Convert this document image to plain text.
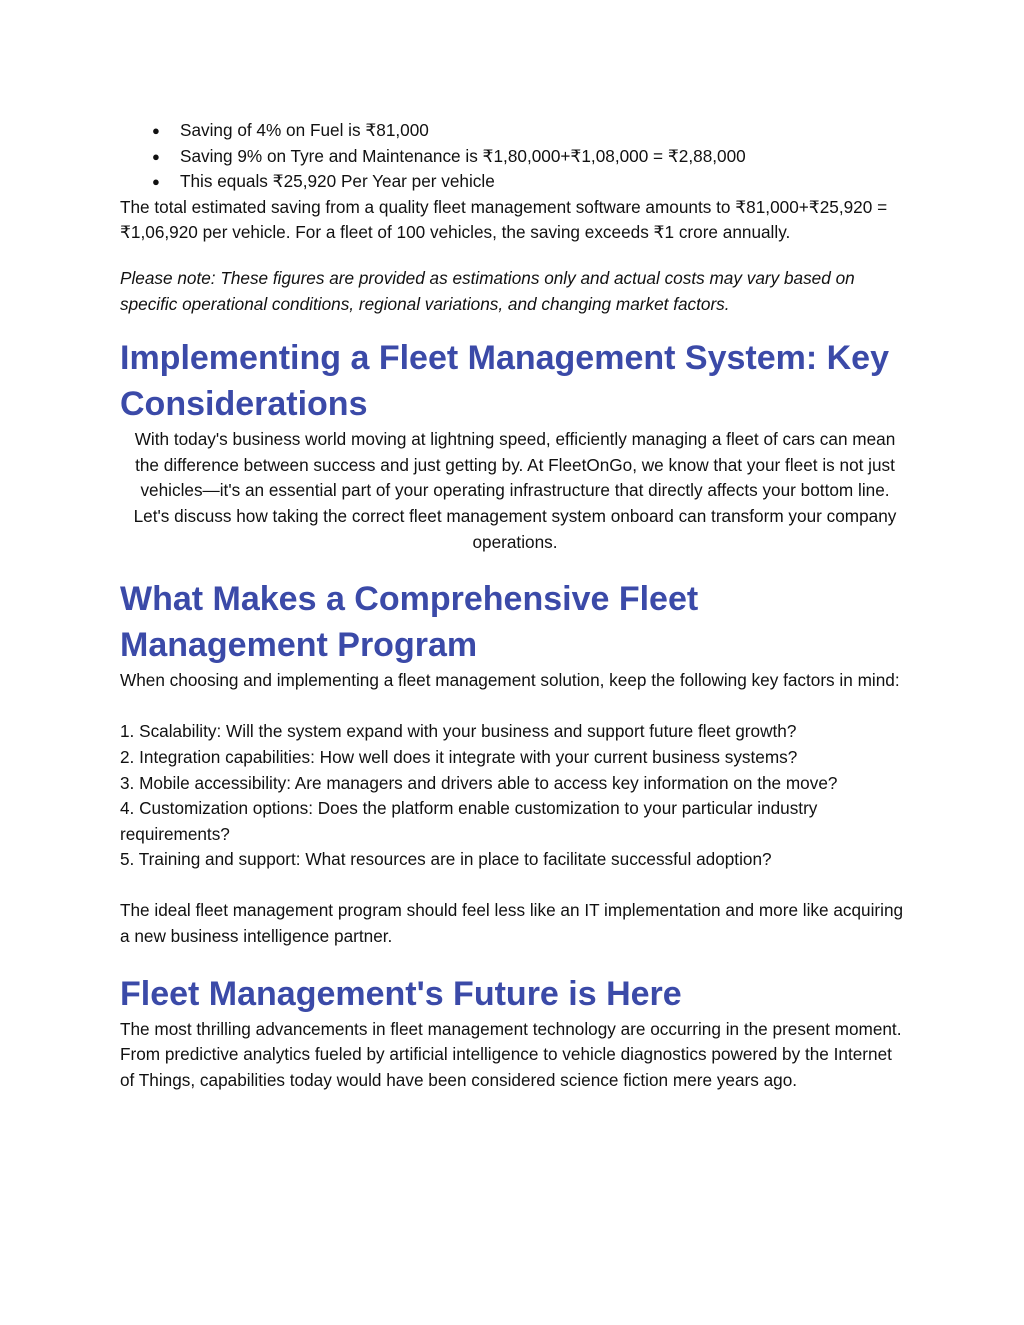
● Saving of 4% on Fuel is ₹81,000
● Saving 9% on Tyre and Maintenance is ₹1,80,000+₹1,08,000 = ₹2,88,000
● This equals ₹25,920 Per Year per vehicle

The total estimated saving from a quality fleet management software amounts to ₹81,000+₹25,920 = ₹1,06,920 per vehicle. For a fleet of 100 vehicles, the saving exceeds ₹1 crore annually.

Please note: These figures are provided as estimations only and actual costs may vary based on specific operational conditions, regional variations, and changing market factors.

Implementing a Fleet Management System: Key Considerations

With today's business world moving at lightning speed, efficiently managing a fleet of cars can mean the difference between success and just getting by. At FleetOnGo, we know that your fleet is not just vehicles—it's an essential part of your operating infrastructure that directly affects your bottom line. Let's discuss how taking the correct fleet management system onboard can transform your company operations.

What Makes a Comprehensive Fleet Management Program

When choosing and implementing a fleet management solution, keep the following key factors in mind:

1. Scalability: Will the system expand with your business and support future fleet growth?

2. Integration capabilities: How well does it integrate with your current business systems?

3. Mobile accessibility: Are managers and drivers able to access key information on the move?

4. Customization options: Does the platform enable customization to your particular industry requirements?

5. Training and support: What resources are in place to facilitate successful adoption?

The ideal fleet management program should feel less like an IT implementation and more like acquiring a new business intelligence partner.

Fleet Management's Future is Here

The most thrilling advancements in fleet management technology are occurring in the present moment. From predictive analytics fueled by artificial intelligence to vehicle diagnostics powered by the Internet of Things, capabilities today would have been considered science fiction mere years ago.
